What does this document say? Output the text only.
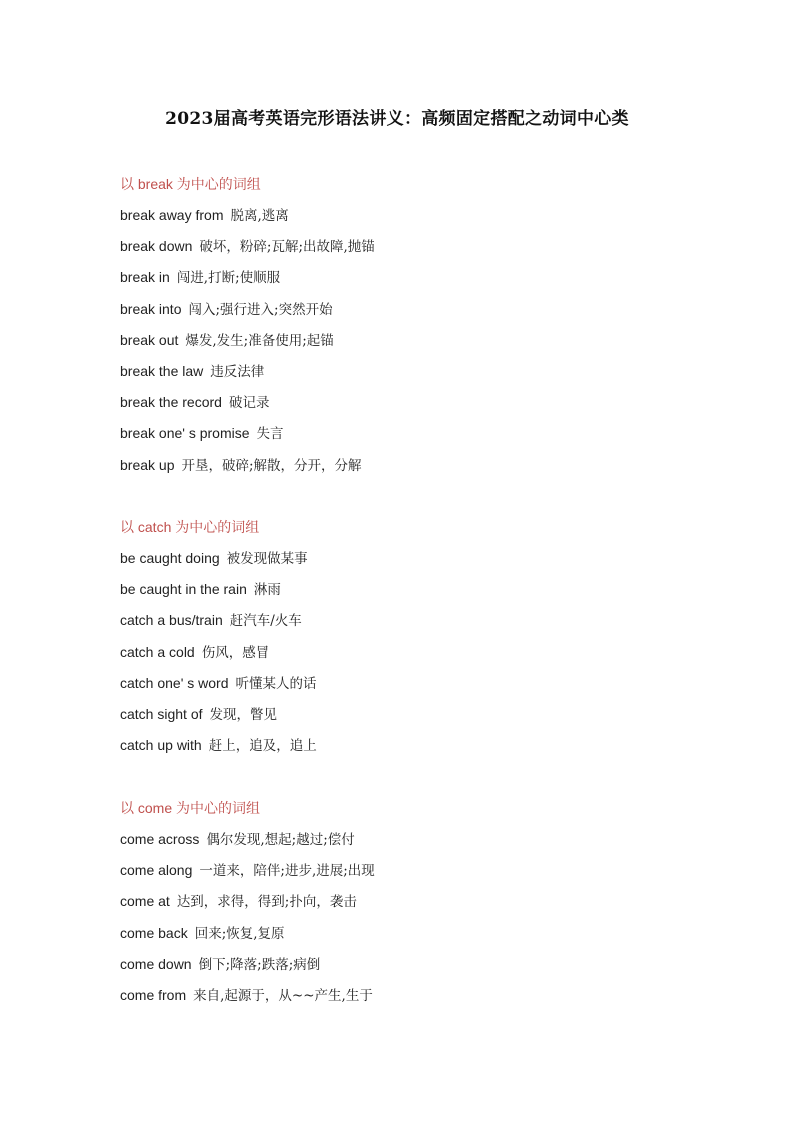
2023届高考英语完形语法讲义：高频固定搭配之动词中心类
以 break 为中心的词组
break away from 脱离,逃离
break down 破坏，粉碎;瓦解;出故障,抛锚
break in 闯进,打断;使顺服
break into 闯入;强行进入;突然开始
break out 爆发,发生;准备使用;起锚
break the law 违反法律
break the record 破记录
break one' s promise 失言
break up 开垦，破碎;解散，分开，分解
以 catch 为中心的词组
be caught doing 被发现做某事
be caught in the rain 淋雨
catch a bus/train 赶汽车/火车
catch a cold 伤风，感冒
catch one' s word 听懂某人的话
catch sight of 发现，瞥见
catch up with 赶上，追及，追上
以 come 为中心的词组
come across 偶尔发现,想起;越过;偿付
come along 一道来，陪伴;进步,进展;出现
come at 达到，求得，得到;扑向，袭击
come back 回来;恢复,复原
come down 倒下;降落;跌落;病倒
come from 来自,起源于，从~~产生,生于
